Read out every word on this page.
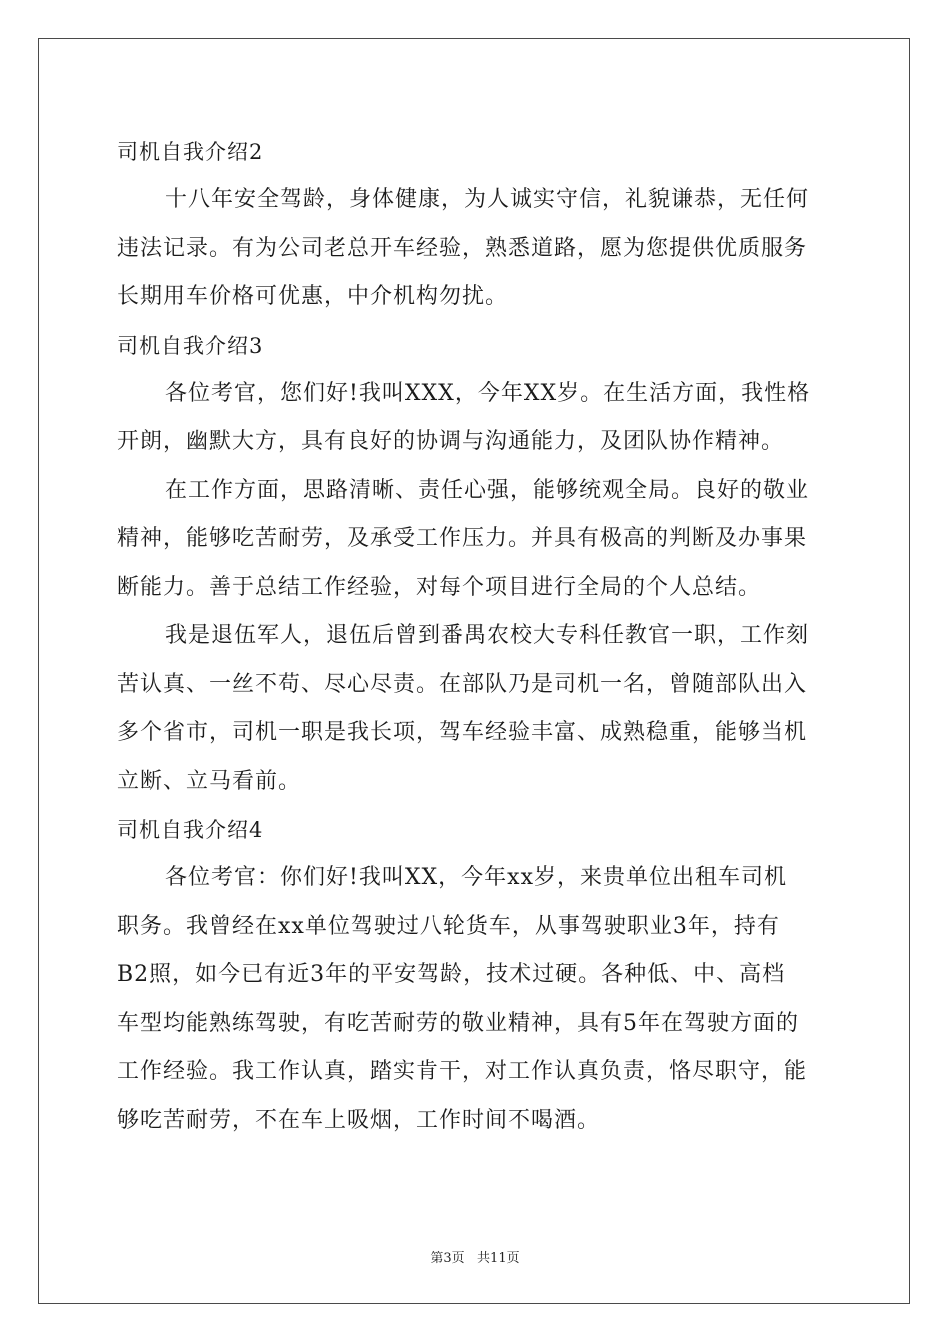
司机自我介绍2

十八年安全驾龄，身体健康，为人诚实守信，礼貌谦恭，无任何
违法记录。有为公司老总开车经验，熟悉道路，愿为您提供优质服务
长期用车价格可优惠，中介机构勿扰。

司机自我介绍3

各位考官，您们好!我叫XXX，今年XX岁。在生活方面，我性格
开朗，幽默大方，具有良好的协调与沟通能力，及团队协作精神。

在工作方面，思路清晰、责任心强，能够统观全局。良好的敬业
精神，能够吃苦耐劳，及承受工作压力。并具有极高的判断及办事果
断能力。善于总结工作经验，对每个项目进行全局的个人总结。

我是退伍军人，退伍后曾到番禺农校大专科任教官一职，工作刻
苦认真、一丝不苟、尽心尽责。在部队乃是司机一名，曾随部队出入
多个省市，司机一职是我长项，驾车经验丰富、成熟稳重，能够当机
立断、立马看前。

司机自我介绍4

各位考官：你们好!我叫XX，今年xx岁，来贵单位出租车司机
职务。我曾经在xx单位驾驶过八轮货车，从事驾驶职业3年，持有
B2照，如今已有近3年的平安驾龄，技术过硬。各种低、中、高档
车型均能熟练驾驶，有吃苦耐劳的敬业精神，具有5年在驾驶方面的
工作经验。我工作认真，踏实肯干，对工作认真负责，恪尽职守，能
够吃苦耐劳，不在车上吸烟，工作时间不喝酒。

第3页   共11页
